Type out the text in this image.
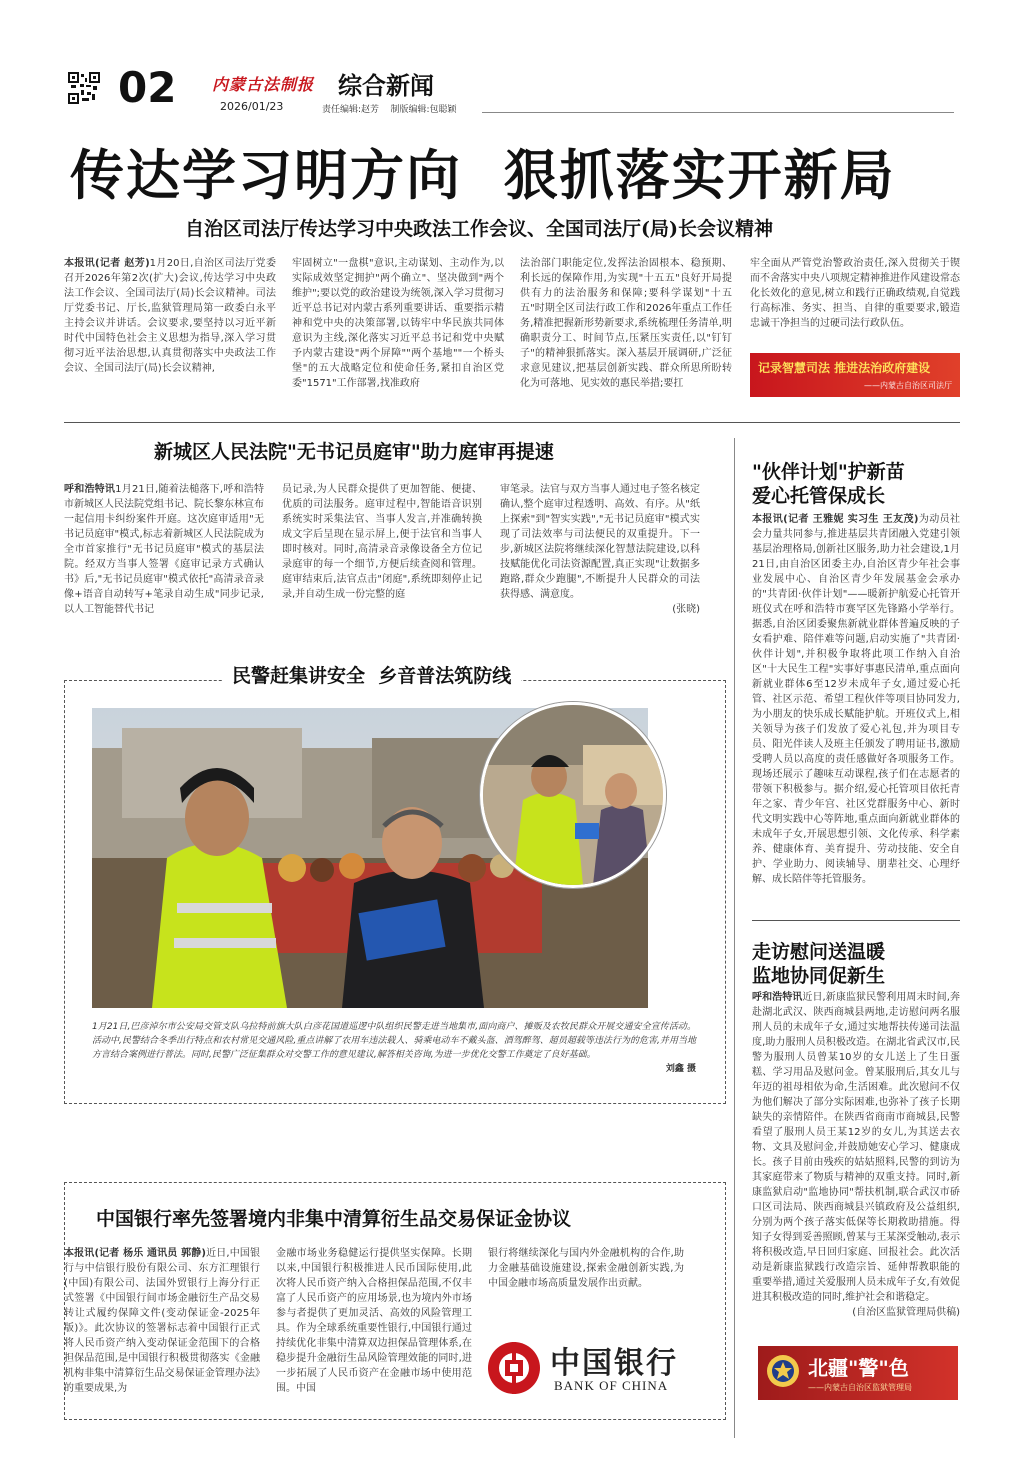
02 内蒙古法制报
2026/01/23
综合新闻
责任编辑:赵芳    制版编辑:包聪颖
传达学习明方向  狠抓落实开新局
自治区司法厅传达学习中央政法工作会议、全国司法厅(局)长会议精神
本报讯(记者 赵芳)1月20日,自治区司法厅党委召开2026年第2次(扩大)会议,传达学习中央政法工作会议、全国司法厅(局)长会议精神。司法厅党委书记、厅长,监狱管理局第一政委白永平主持会议并讲话。会议要求,要坚持以习近平新时代中国特色社会主义思想为指导,深入学习贯彻习近平法治思想,认真贯彻落实中央政法工作会议、全国司法厅(局)长会议精神,
牢固树立"一盘棋"意识,主动谋划、主动作为,以实际成效坚定拥护"两个确立"、坚决做到"两个维护";要以党的政治建设为统领,深入学习贯彻习近平总书记对内蒙古系列重要讲话、重要指示精神和党中央的决策部署,以铸牢中华民族共同体意识为主线,深化落实习近平总书记和党中央赋予内蒙古建设"两个屏障""两个基地""一个桥头堡"的五大战略定位和使命任务,紧扣自治区党委"1571"工作部署,找准政府
法治部门职能定位,发挥法治固根本、稳预期、利长远的保障作用,为实现"十五五"良好开局提供有力的法治服务和保障;要科学谋划"十五五"时期全区司法行政工作和2026年重点工作任务,精准把握新形势新要求,系统梳理任务清单,明确职责分工、时间节点,压紧压实责任,以"钉钉子"的精神狠抓落实。深入基层开展调研,广泛征求意见建议,把基层创新实践、群众所思所盼转化为可落地、见实效的惠民举措;要扛
牢全面从严管党治警政治责任,深入贯彻关于锲而不舍落实中央八项规定精神推进作风建设常态化长效化的意见,树立和践行正确政绩观,自觉践行高标准、务实、担当、自律的重要要求,锻造忠诚干净担当的过硬司法行政队伍。
记录智慧司法 推进法治政府建设
——内蒙古自治区司法厅
新城区人民法院"无书记员庭审"助力庭审再提速
呼和浩特讯1月21日,随着法槌落下,呼和浩特市新城区人民法院党组书记、院长黎东林宣布一起信用卡纠纷案件开庭。这次庭审适用"无书记员庭审"模式,标志着新城区人民法院成为全市首家推行"无书记员庭审"模式的基层法院。经双方当事人签署《庭审记录方式确认书》后,"无书记员庭审"模式依托"高清录音录像+语音自动转写+笔录自动生成"同步记录,以人工智能替代书记
员记录,为人民群众提供了更加智能、便捷、优质的司法服务。庭审过程中,智能语音识别系统实时采集法官、当事人发言,并准确转换成文字后呈现在显示屏上,便于法官和当事人即时核对。同时,高清录音录像设备全方位记录庭审的每一个细节,方便后续查阅和管理。庭审结束后,法官点击"闭庭",系统即刻停止记录,并自动生成一份完整的庭
审笔录。法官与双方当事人通过电子签名核定确认,整个庭审过程透明、高效、有序。从"纸上探索"到"智实实践","无书记员庭审"模式实现了司法效率与司法便民的双重提升。下一步,新城区法院将继续深化智慧法院建设,以科技赋能优化司法资源配置,真正实现"让数据多跑路,群众少跑腿",不断提升人民群众的司法获得感、满意度。
(张晓)
民警赶集讲安全  乡音普法筑防线
1月21日,巴彦淖尔市公安局交管支队乌拉特前旗大队白彦花国道巡逻中队组织民警走进当地集市,面向商户、摊贩及农牧民群众开展交通安全宣传活动。活动中,民警结合冬季出行特点和农村常见交通风险,重点讲解了农用车违法载人、骑乘电动车不戴头盔、酒驾醉驾、超员超载等违法行为的危害,并用当地方言结合案例进行普法。同时,民警广泛征集群众对交警工作的意见建议,解答相关咨询,为进一步优化交警工作奠定了良好基础。
刘鑫 摄
中国银行率先签署境内非集中清算衍生品交易保证金协议
本报讯(记者 杨乐 通讯员 郭静)近日,中国银行与中信银行股份有限公司、东方汇理银行(中国)有限公司、法国外贸银行上海分行正式签署《中国银行间市场金融衍生产品交易转让式履约保障文件(变动保证金-2025年版)》。此次协议的签署标志着中国银行正式将人民币资产纳入变动保证金范围下的合格担保品范围,是中国银行积极贯彻落实《金融机构非集中清算衍生品交易保证金管理办法》的重要成果,为
金融市场业务稳健运行提供坚实保障。长期以来,中国银行积极推进人民币国际使用,此次将人民币资产纳入合格担保品范围,不仅丰富了人民币资产的应用场景,也为境内外市场参与者提供了更加灵活、高效的风险管理工具。作为全球系统重要性银行,中国银行通过持续优化非集中清算双边担保品管理体系,在稳步提升金融衍生品风险管理效能的同时,进一步拓展了人民币资产在金融市场中使用范围。中国
银行将继续深化与国内外金融机构的合作,助力金融基础设施建设,探索金融创新实践,为中国金融市场高质量发展作出贡献。
中国银行
BANK OF CHINA
"伙伴计划"护新苗
爱心托管保成长
本报讯(记者 王雅妮 实习生 王友茂)为动员社会力量共同参与,推进基层共青团融入党建引领基层治理格局,创新社区服务,助力社会建设,1月21日,由自治区团委主办,自治区青少年社会事业发展中心、自治区青少年发展基金会承办的"共青团·伙伴计划"——暖新护航爱心托管开班仪式在呼和浩特市赛罕区先锋路小学举行。据悉,自治区团委聚焦新就业群体普遍反映的子女看护难、陪伴难等问题,启动实施了"共青团·伙伴计划",并积极争取将此项工作纳入自治区"十大民生工程"实事好事惠民清单,重点面向新就业群体6至12岁未成年子女,通过爱心托管、社区示范、希望工程伙伴等项目协同发力,为小朋友的快乐成长赋能护航。开班仪式上,相关领导为孩子们发放了爱心礼包,并为项目专员、阳光伴读人及班主任颁发了聘用证书,激励受聘人员以高度的责任感做好各项服务工作。现场还展示了趣味互动课程,孩子们在志愿者的带领下积极参与。据介绍,爱心托管项目依托青年之家、青少年宫、社区党群服务中心、新时代文明实践中心等阵地,重点面向新就业群体的未成年子女,开展思想引领、文化传承、科学素养、健康体育、美育提升、劳动技能、安全自护、学业助力、阅读辅导、朋辈社交、心理纾解、成长陪伴等托管服务。
走访慰问送温暖
监地协同促新生
呼和浩特讯近日,新康监狱民警利用周末时间,奔赴湖北武汉、陕西商城县两地,走访慰问两名服刑人员的未成年子女,通过实地帮扶传递司法温度,助力服刑人员积极改造。在湖北省武汉市,民警为服刑人员曾某10岁的女儿送上了生日蛋糕、学习用品及慰问金。曾某服刑后,其女儿与年迈的祖母相依为命,生活困难。此次慰问不仅为他们解决了部分实际困难,也弥补了孩子长期缺失的亲情陪伴。在陕西省商南市商城县,民警看望了服刑人员王某12岁的女儿,为其送去衣物、文具及慰问金,并鼓励她安心学习、健康成长。孩子目前由残疾的姑姑照料,民警的到访为其家庭带来了物质与精神的双重支持。同时,新康监狱启动"监地协同"帮扶机制,联合武汉市硚口区司法局、陕西商城县兴镇政府及公益组织,分别为两个孩子落实低保等长期救助措施。得知子女得到妥善照顾,曾某与王某深受触动,表示将积极改造,早日回归家庭、回报社会。此次活动是新康监狱践行改造宗旨、延伸帮教职能的重要举措,通过关爱服刑人员未成年子女,有效促进其积极改造的同时,维护社会和谐稳定。
(自治区监狱管理局供稿)
北疆"警"色
——内蒙古自治区监狱管理局
